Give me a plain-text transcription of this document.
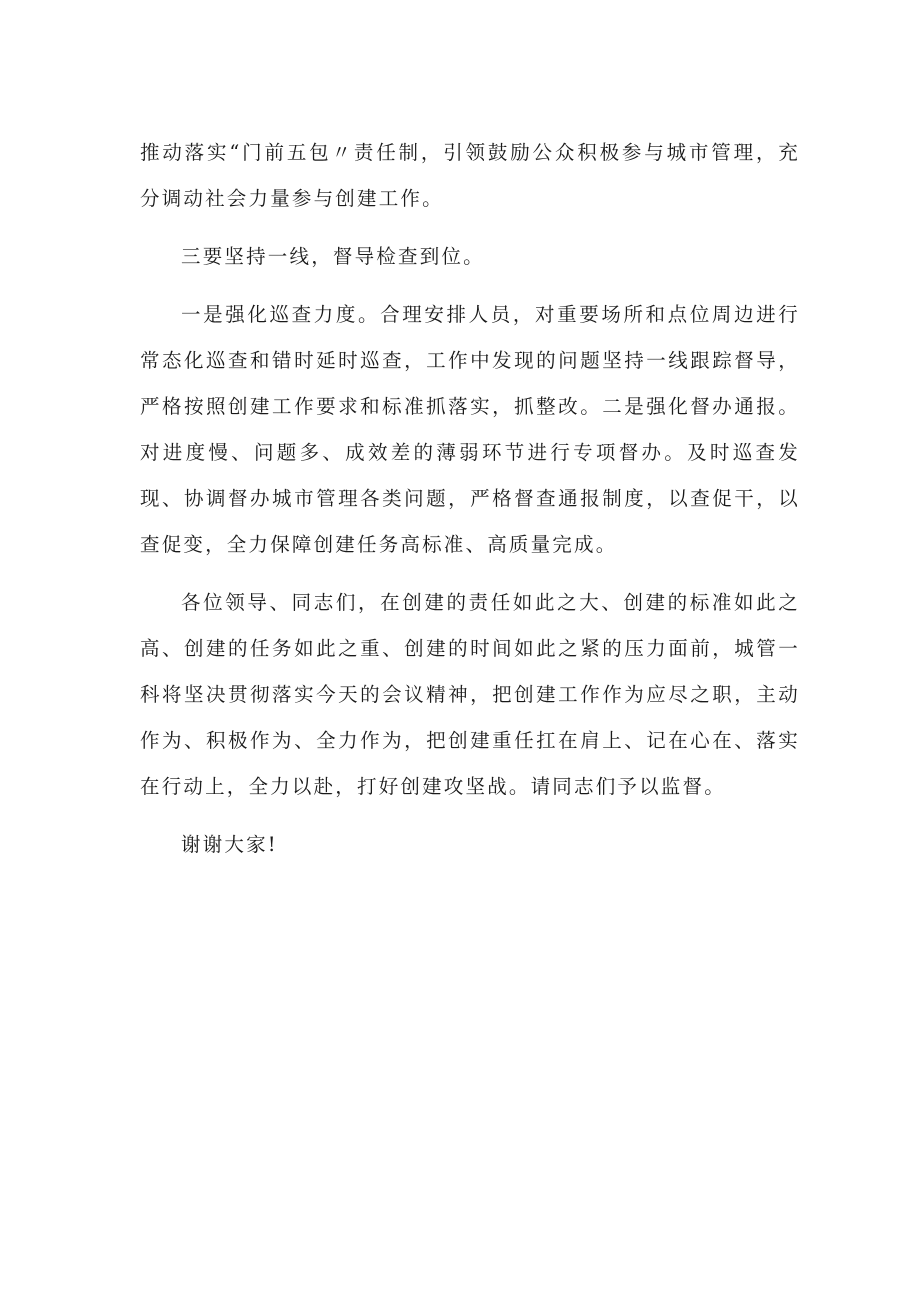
推动落实“门前五包〃责任制，引领鼓励公众积极参与城市管理，充分调动社会力量参与创建工作。

三要坚持一线，督导检查到位。

一是强化巡查力度。合理安排人员，对重要场所和点位周边进行常态化巡查和错时延时巡查，工作中发现的问题坚持一线跟踪督导，严格按照创建工作要求和标准抓落实，抓整改。二是强化督办通报。对进度慢、问题多、成效差的薄弱环节进行专项督办。及时巡查发现、协调督办城市管理各类问题，严格督查通报制度，以查促干，以查促变，全力保障创建任务高标准、高质量完成。

各位领导、同志们，在创建的责任如此之大、创建的标准如此之高、创建的任务如此之重、创建的时间如此之紧的压力面前，城管一科将坚决贯彻落实今天的会议精神，把创建工作作为应尽之职，主动作为、积极作为、全力作为，把创建重任扛在肩上、记在心在、落实在行动上，全力以赴，打好创建攻坚战。请同志们予以监督。

谢谢大家!
